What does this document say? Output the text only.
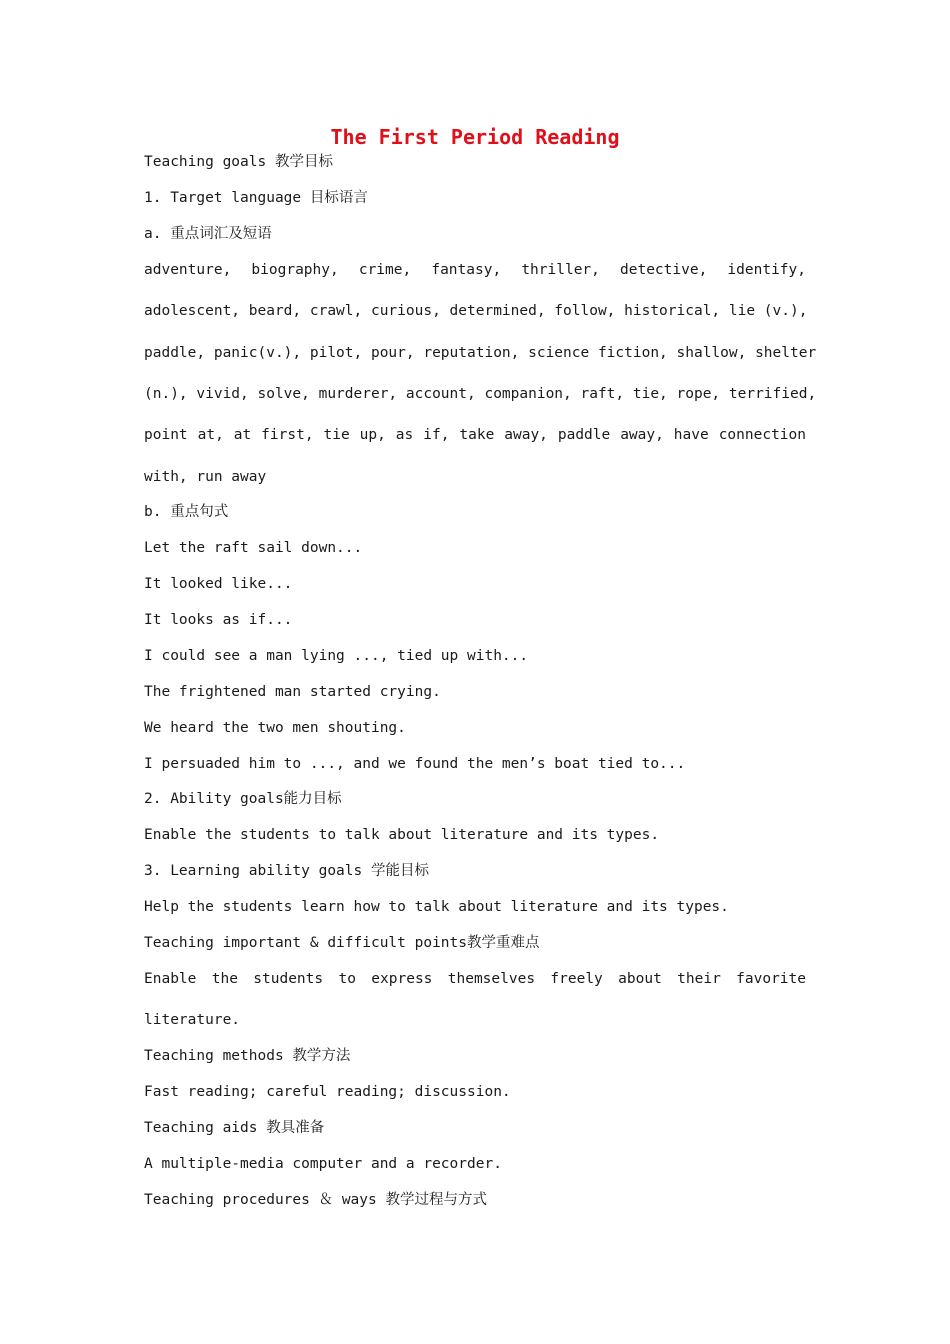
The First Period Reading
Teaching goals 教学目标
1. Target language 目标语言
a. 重点词汇及短语
adventure, biography, crime, fantasy, thriller, detective, identify,
adolescent, beard, crawl, curious, determined, follow, historical, lie (v.),
paddle, panic(v.), pilot, pour, reputation, science fiction, shallow, shelter
(n.), vivid, solve, murderer, account, companion, raft, tie, rope, terrified,
point at, at first, tie up, as if, take away, paddle away, have connection
with, run away
b. 重点句式
Let the raft sail down...
It looked like...
It looks as if...
I could see a man lying ..., tied up with...
The frightened man started crying.
We heard the two men shouting.
I persuaded him to ..., and we found the men’s boat tied to...
2. Ability goals能力目标
Enable the students to talk about literature and its types.
3. Learning ability goals 学能目标
Help the students learn how to talk about literature and its types.
Teaching important & difficult points教学重难点
Enable the students to express themselves freely about their favorite
literature.
Teaching methods 教学方法
Fast reading; careful reading; discussion.
Teaching aids 教具准备
A multiple-media computer and a recorder.
Teaching procedures ＆ ways 教学过程与方式
